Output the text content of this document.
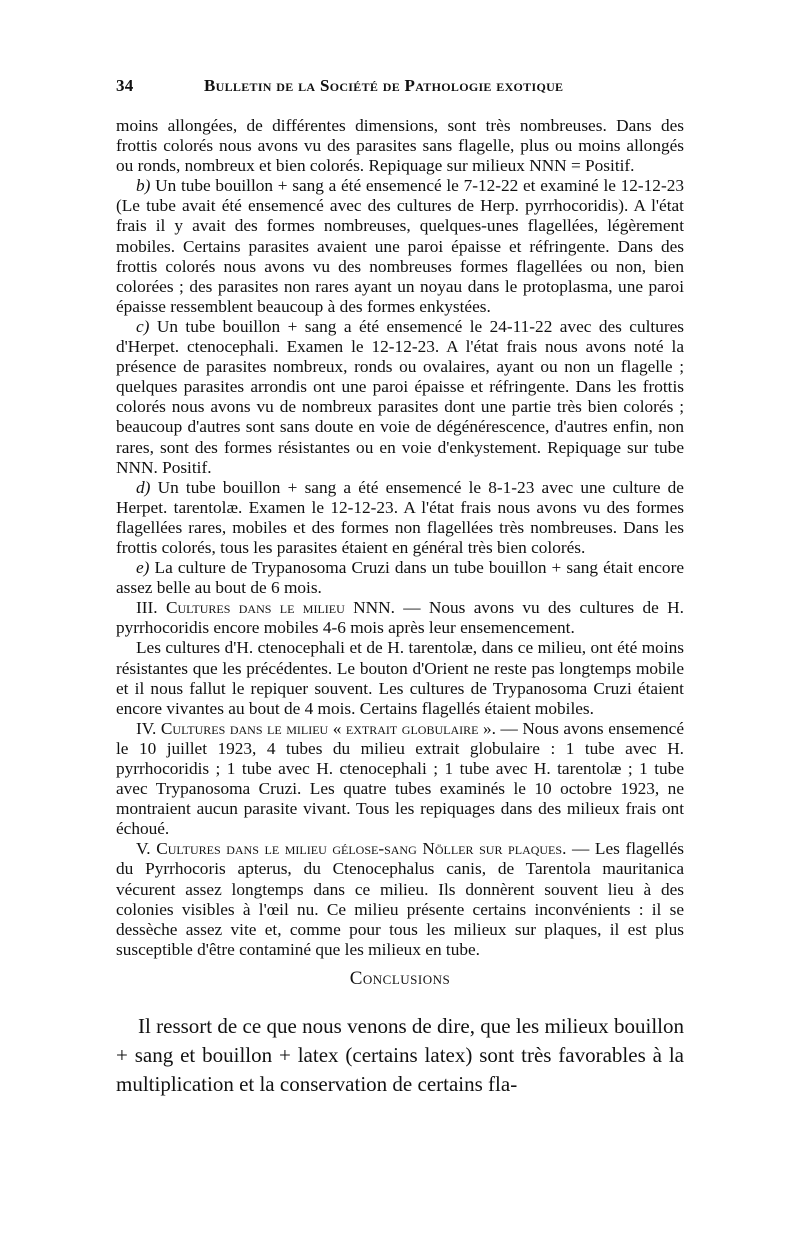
34	Bulletin de la Société de Pathologie exotique

moins allongées, de différentes dimensions, sont très nombreuses. Dans des frottis colorés nous avons vu des parasites sans flagelle, plus ou moins allongés ou ronds, nombreux et bien colorés. Repiquage sur milieux NNN = Positif.

b) Un tube bouillon + sang a été ensemencé le 7-12-22 et examiné le 12-12-23 (Le tube avait été ensemencé avec des cultures de Herp. pyrrhocoridis). A l'état frais il y avait des formes nombreuses, quelques-unes flagellées, légèrement mobiles. Certains parasites avaient une paroi épaisse et réfringente. Dans des frottis colorés nous avons vu des nombreuses formes flagellées ou non, bien colorées ; des parasites non rares ayant un noyau dans le protoplasma, une paroi épaisse ressemblent beaucoup à des formes enkystées.

c) Un tube bouillon + sang a été ensemencé le 24-11-22 avec des cultures d'Herpet. ctenocephali. Examen le 12-12-23. A l'état frais nous avons noté la présence de parasites nombreux, ronds ou ovalaires, ayant ou non un flagelle ; quelques parasites arrondis ont une paroi épaisse et réfringente. Dans les frottis colorés nous avons vu de nombreux parasites dont une partie très bien colorés ; beaucoup d'autres sont sans doute en voie de dégénérescence, d'autres enfin, non rares, sont des formes résistantes ou en voie d'enkystement. Repiquage sur tube NNN. Positif.

d) Un tube bouillon + sang a été ensemencé le 8-1-23 avec une culture de Herpet. tarentolæ. Examen le 12-12-23. A l'état frais nous avons vu des formes flagellées rares, mobiles et des formes non flagellées très nombreuses. Dans les frottis colorés, tous les parasites étaient en général très bien colorés.

e) La culture de Trypanosoma Cruzi dans un tube bouillon + sang était encore assez belle au bout de 6 mois.

III. Cultures dans le milieu NNN. — Nous avons vu des cultures de H. pyrrhocoridis encore mobiles 4-6 mois après leur ensemencement.

Les cultures d'H. ctenocephali et de H. tarentolæ, dans ce milieu, ont été moins résistantes que les précédentes. Le bouton d'Orient ne reste pas longtemps mobile et il nous fallut le repiquer souvent. Les cultures de Trypanosoma Cruzi étaient encore vivantes au bout de 4 mois. Certains flagellés étaient mobiles.

IV. Cultures dans le milieu « extrait globulaire ». — Nous avons ensemencé le 10 juillet 1923, 4 tubes du milieu extrait globulaire : 1 tube avec H. pyrrhocoridis ; 1 tube avec H. ctenocephali ; 1 tube avec H. tarentolæ ; 1 tube avec Trypanosoma Cruzi. Les quatre tubes examinés le 10 octobre 1923, ne montraient aucun parasite vivant. Tous les repiquages dans des milieux frais ont échoué.

V. Cultures dans le milieu gélose-sang Nöller sur plaques. — Les flagellés du Pyrrhocoris apterus, du Ctenocephalus canis, de Tarentola mauritanica vécurent assez longtemps dans ce milieu. Ils donnèrent souvent lieu à des colonies visibles à l'œil nu. Ce milieu présente certains inconvénients : il se dessèche assez vite et, comme pour tous les milieux sur plaques, il est plus susceptible d'être contaminé que les milieux en tube.

Conclusions

Il ressort de ce que nous venons de dire, que les milieux bouillon + sang et bouillon + latex (certains latex) sont très favorables à la multiplication et la conservation de certains fla-
